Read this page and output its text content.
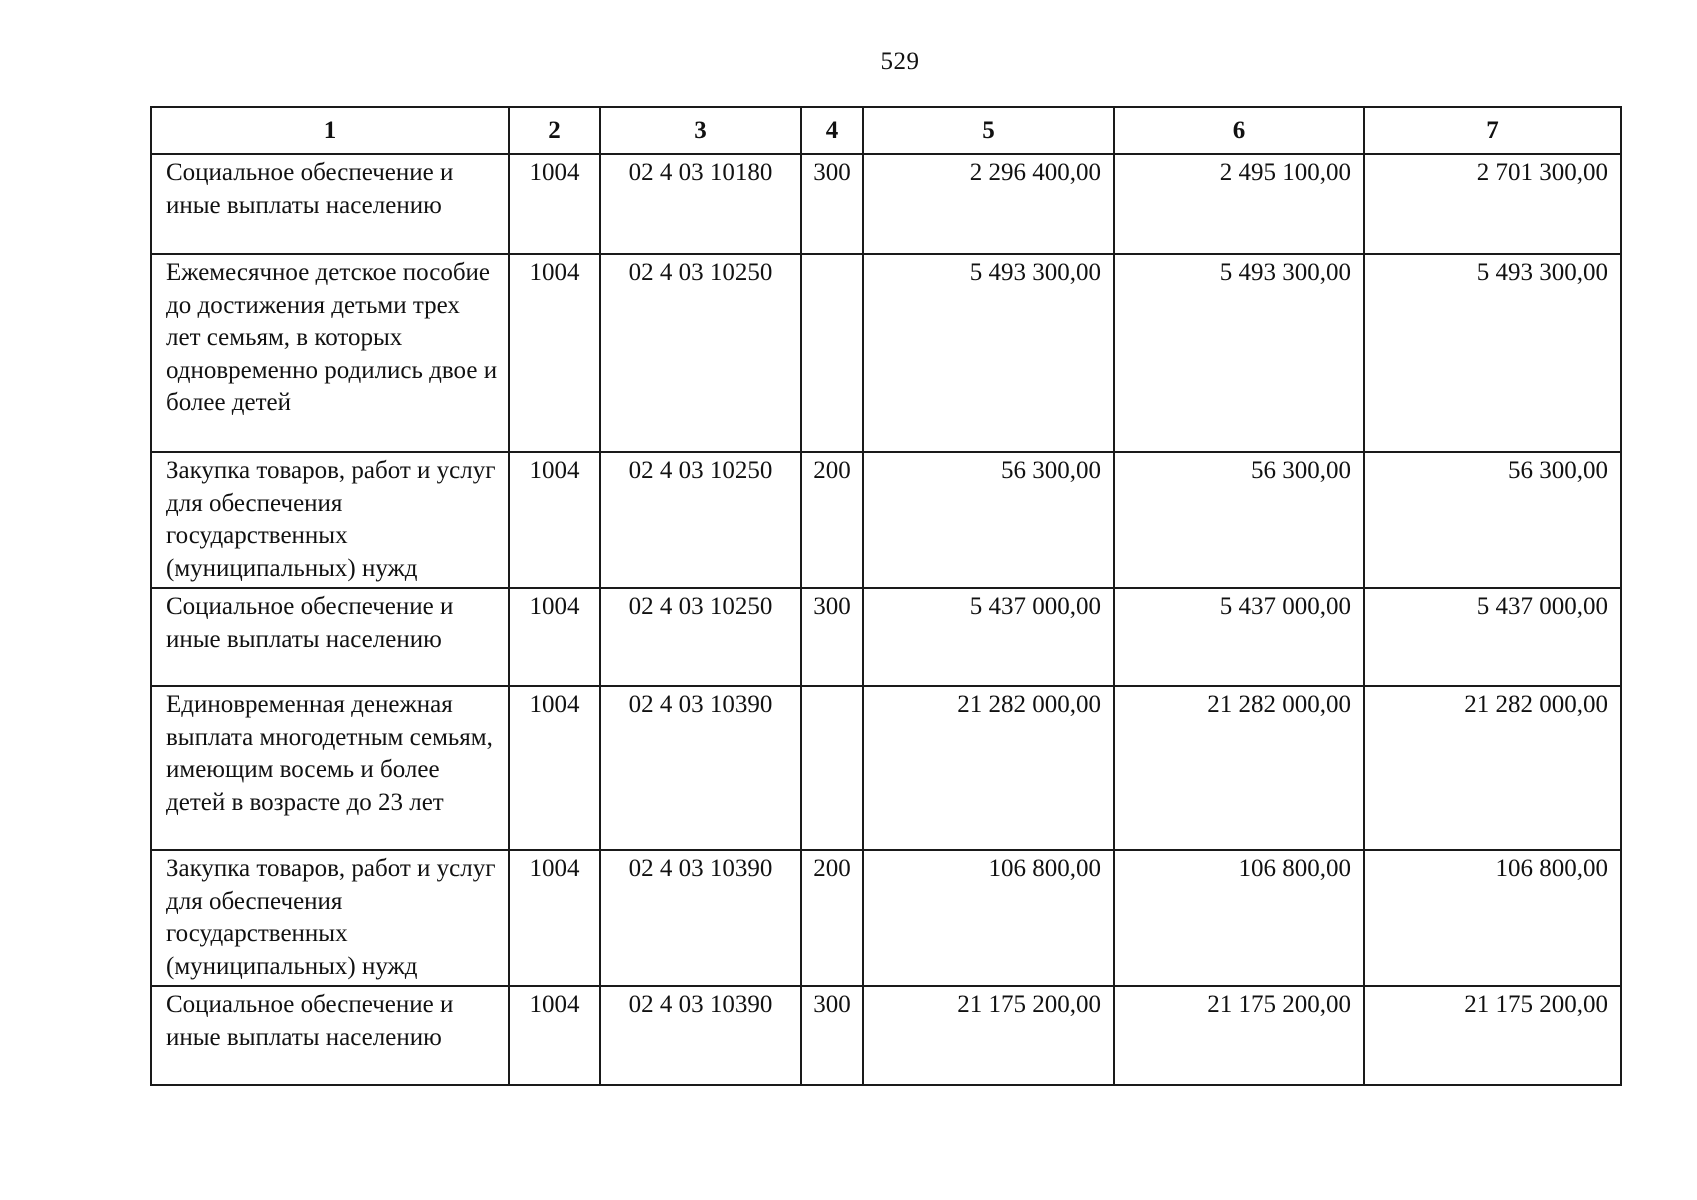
529
1	2	3	4	5	6	7
Социальное обеспечение и иные выплаты населению	1004	02 4 03 10180	300	2 296 400,00	2 495 100,00	2 701 300,00
Ежемесячное детское пособие до достижения детьми трех лет семьям, в которых одновременно родились двое и более детей	1004	02 4 03 10250		5 493 300,00	5 493 300,00	5 493 300,00
Закупка товаров, работ и услуг для обеспечения государственных (муниципальных) нужд	1004	02 4 03 10250	200	56 300,00	56 300,00	56 300,00
Социальное обеспечение и иные выплаты населению	1004	02 4 03 10250	300	5 437 000,00	5 437 000,00	5 437 000,00
Единовременная денежная выплата многодетным семьям, имеющим восемь и более детей в возрасте до 23 лет	1004	02 4 03 10390		21 282 000,00	21 282 000,00	21 282 000,00
Закупка товаров, работ и услуг для обеспечения государственных (муниципальных) нужд	1004	02 4 03 10390	200	106 800,00	106 800,00	106 800,00
Социальное обеспечение и иные выплаты населению	1004	02 4 03 10390	300	21 175 200,00	21 175 200,00	21 175 200,00
